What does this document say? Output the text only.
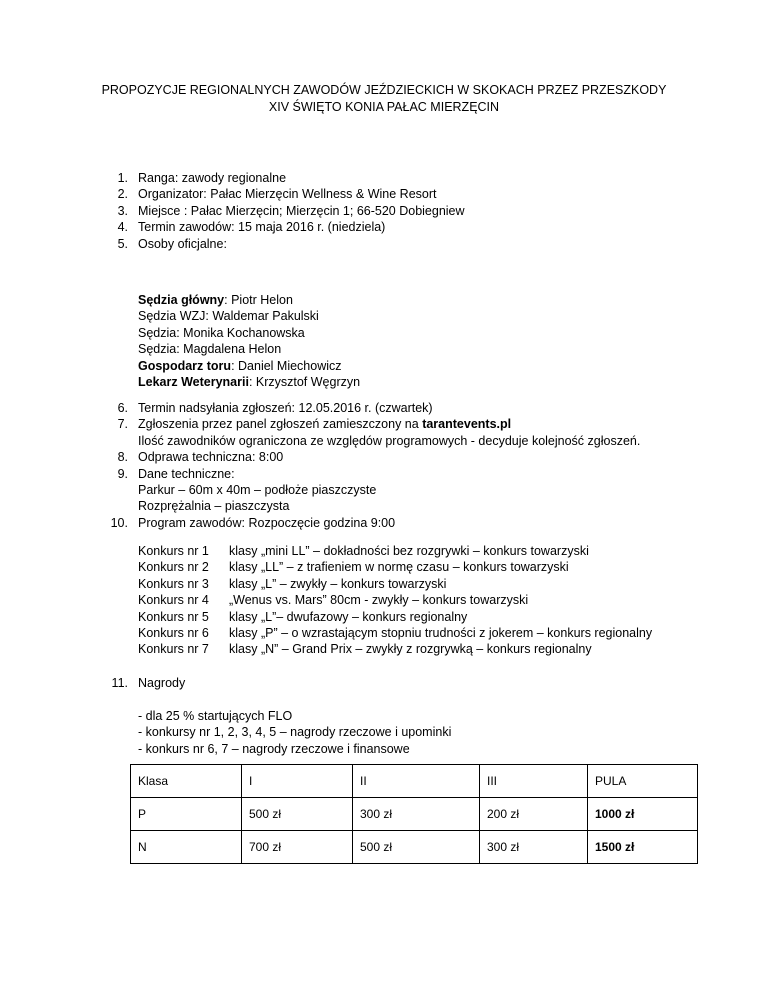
PROPOZYCJE REGIONALNYCH ZAWODÓW JEŹDZIECKICH W SKOKACH PRZEZ PRZESZKODY
XIV ŚWIĘTO KONIA PAŁAC MIERZĘCIN
1. Ranga: zawody regionalne
2. Organizator: Pałac Mierzęcin Wellness & Wine Resort
3. Miejsce : Pałac Mierzęcin; Mierzęcin 1; 66-520 Dobiegniew
4. Termin zawodów: 15 maja 2016 r. (niedziela)
5. Osoby oficjalne:
Sędzia główny: Piotr Helon
Sędzia WZJ: Waldemar Pakulski
Sędzia: Monika Kochanowska
Sędzia: Magdalena Helon
Gospodarz toru: Daniel Miechowicz
Lekarz Weterynarii: Krzysztof Węgrzyn
6. Termin nadsyłania zgłoszeń: 12.05.2016 r. (czwartek)
7. Zgłoszenia przez panel zgłoszeń zamieszczony na tarantevents.pl
Ilość zawodników ograniczona ze względów programowych - decyduje kolejność zgłoszeń.
8. Odprawa techniczna: 8:00
9. Dane techniczne:
Parkur – 60m x 40m – podłoże piaszczyste
Rozprężalnia – piaszczysta
10. Program zawodów: Rozpoczęcie godzina 9:00
Konkurs nr 1 klasy „mini LL” – dokładności bez rozgrywki – konkurs towarzyski
Konkurs nr 2 klasy „LL” – z trafieniem w normę czasu – konkurs towarzyski
Konkurs nr 3 klasy „L” – zwykły – konkurs towarzyski
Konkurs nr 4 „Wenus vs. Mars” 80cm - zwykły – konkurs towarzyski
Konkurs nr 5 klasy „L”– dwufazowy – konkurs regionalny
Konkurs nr 6 klasy „P” – o wzrastającym stopniu trudności z jokerem – konkurs regionalny
Konkurs nr 7 klasy „N” – Grand Prix – zwykły z rozgrywką – konkurs regionalny
11. Nagrody
- dla 25 % startujących FLO
- konkursy nr 1, 2, 3, 4, 5 – nagrody rzeczowe i upominki
- konkurs nr 6, 7 – nagrody rzeczowe i finansowe
Klasa	I	II	III	PULA
P	500 zł	300 zł	200 zł	1000 zł
N	700 zł	500 zł	300 zł	1500 zł
